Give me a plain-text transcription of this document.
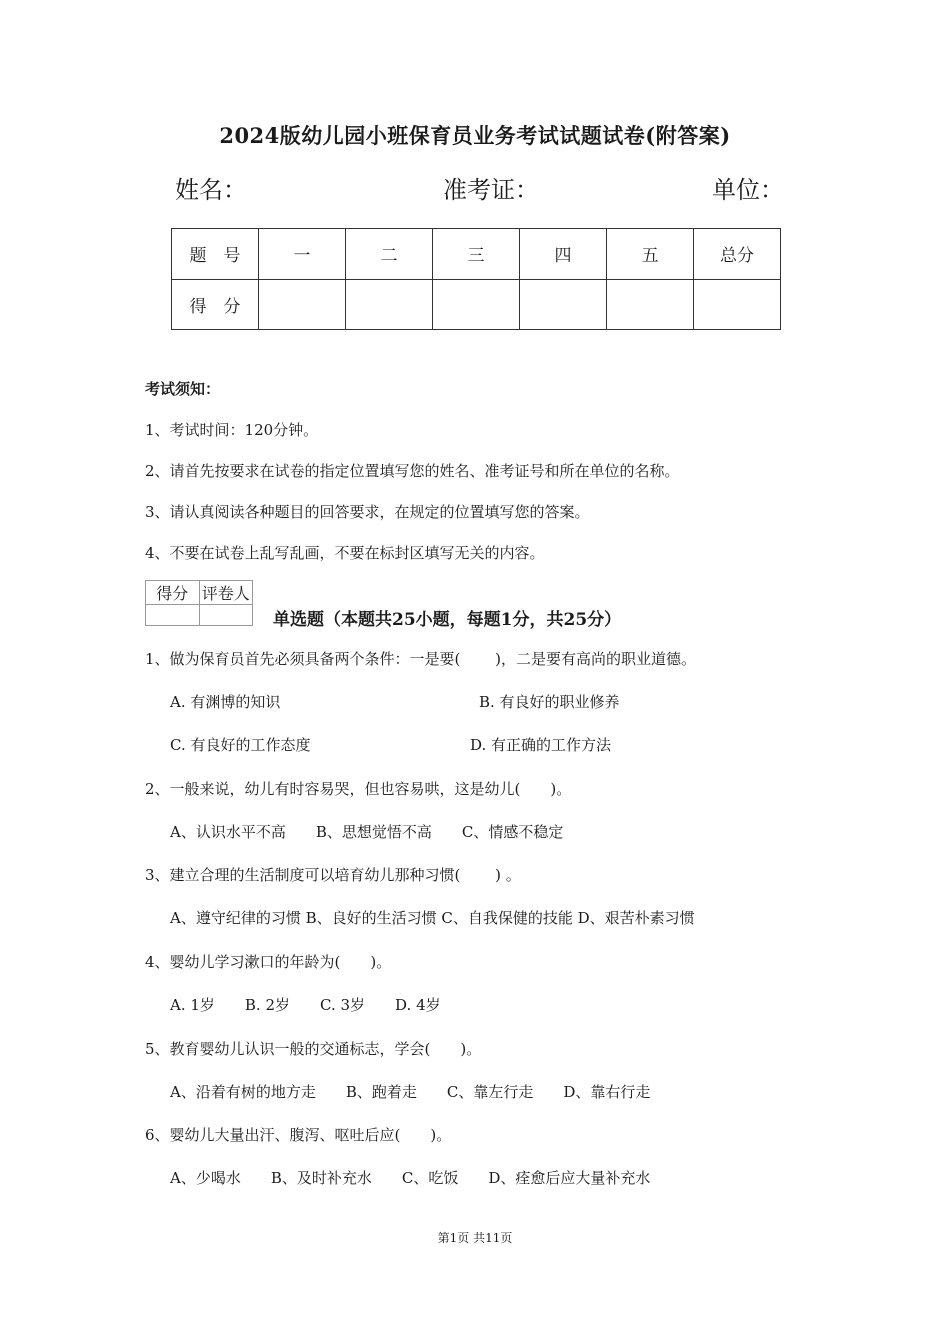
2024版幼儿园小班保育员业务考试试题试卷(附答案)
姓名：	准考证：	单位：
题　号	一	二	三	四	五	总分
得　分						
考试须知：
1、考试时间：120分钟。
2、请首先按要求在试卷的指定位置填写您的姓名、准考证号和所在单位的名称。
3、请认真阅读各种题目的回答要求，在规定的位置填写您的答案。
4、不要在试卷上乱写乱画，不要在标封区填写无关的内容。
得分	评卷人

单选题（本题共25小题，每题1分，共25分）
1、做为保育员首先必须具备两个条件：一是要(　　 )，二是要有高尚的职业道德。
A. 有渊博的知识	B. 有良好的职业修养
C. 有良好的工作态度	D. 有正确的工作方法
2、一般来说，幼儿有时容易哭，但也容易哄，这是幼儿(　　)。
A、认识水平不高　　B、思想觉悟不高　　C、情感不稳定
3、建立合理的生活制度可以培育幼儿那种习惯(　　 ) 。
A、遵守纪律的习惯 B、良好的生活习惯 C、自我保健的技能 D、艰苦朴素习惯
4、婴幼儿学习漱口的年龄为(　　)。
A. 1岁　　B. 2岁　　C. 3岁　　D. 4岁
5、教育婴幼儿认识一般的交通标志，学会(　　)。
A、沿着有树的地方走　　B、跑着走　　C、靠左行走　　D、靠右行走
6、婴幼儿大量出汗、腹泻、呕吐后应(　　)。
A、少喝水　　B、及时补充水　　C、吃饭　　D、痊愈后应大量补充水
第1页 共11页
